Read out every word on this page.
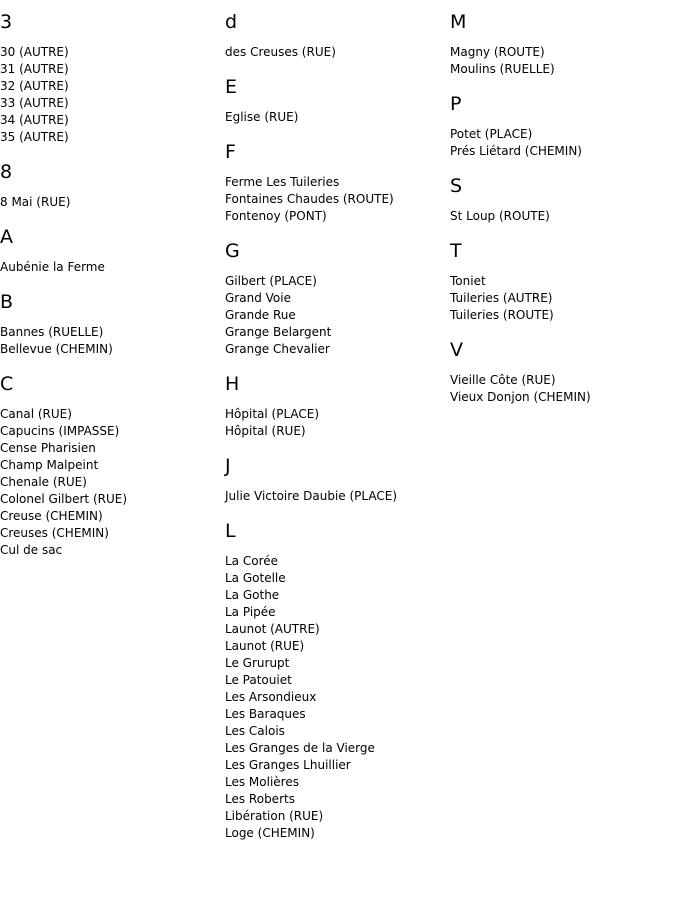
3
30 (AUTRE)
31 (AUTRE)
32 (AUTRE)
33 (AUTRE)
34 (AUTRE)
35 (AUTRE)
8
8 Mai (RUE)
A
Aubénie la Ferme
B
Bannes (RUELLE)
Bellevue (CHEMIN)
C
Canal (RUE)
Capucins (IMPASSE)
Cense Pharisien
Champ Malpeint
Chenale (RUE)
Colonel Gilbert (RUE)
Creuse (CHEMIN)
Creuses (CHEMIN)
Cul de sac
d
des Creuses (RUE)
E
Eglise (RUE)
F
Ferme Les Tuileries
Fontaines Chaudes (ROUTE)
Fontenoy (PONT)
G
Gilbert (PLACE)
Grand Voie
Grande Rue
Grange Belargent
Grange Chevalier
H
Hôpital (PLACE)
Hôpital (RUE)
J
Julie Victoire Daubie (PLACE)
L
La Corée
La Gotelle
La Gothe
La Pipée
Launot (AUTRE)
Launot (RUE)
Le Grurupt
Le Patouiet
Les Arsondieux
Les Baraques
Les Calois
Les Granges de la Vierge
Les Granges Lhuillier
Les Molières
Les Roberts
Libération (RUE)
Loge (CHEMIN)
M
Magny (ROUTE)
Moulins (RUELLE)
P
Potet (PLACE)
Prés Liétard (CHEMIN)
S
St Loup (ROUTE)
T
Toniet
Tuileries (AUTRE)
Tuileries (ROUTE)
V
Vieille Côte (RUE)
Vieux Donjon (CHEMIN)
